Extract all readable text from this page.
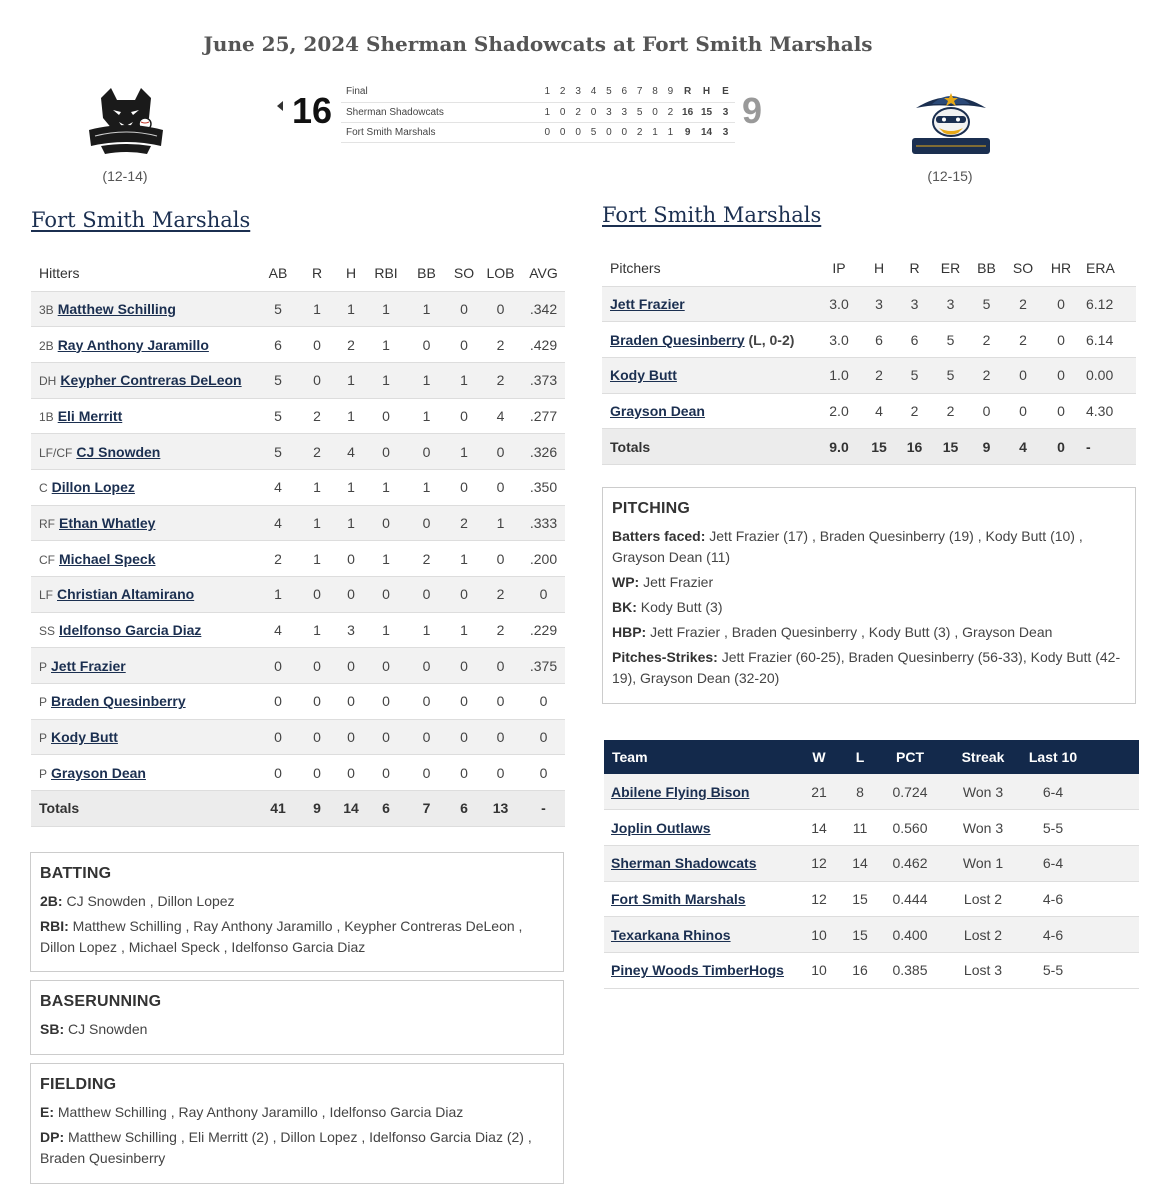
June 25, 2024 Sherman Shadowcats at Fort Smith Marshals
(12-14)
16 Final	1	2	3	4	5	6	7	8	9	R	H	E
Sherman Shadowcats	1	0	2	0	3	3	5	0	2	16	15	3
Fort Smith Marshals	0	0	0	5	0	0	2	1	1	9	14	3
9
(12-15)
Fort Smith Marshals
Hitters	AB	R	H	RBI	BB	SO	LOB	AVG
3B Matthew Schilling	5	1	1	1	1	0	0	.342
2B Ray Anthony Jaramillo	6	0	2	1	0	0	2	.429
DH Keypher Contreras DeLeon	5	0	1	1	1	1	2	.373
1B Eli Merritt	5	2	1	0	1	0	4	.277
LF/CF CJ Snowden	5	2	4	0	0	1	0	.326
C Dillon Lopez	4	1	1	1	1	0	0	.350
RF Ethan Whatley	4	1	1	0	0	2	1	.333
CF Michael Speck	2	1	0	1	2	1	0	.200
LF Christian Altamirano	1	0	0	0	0	0	2	0
SS Idelfonso Garcia Diaz	4	1	3	1	1	1	2	.229
P Jett Frazier	0	0	0	0	0	0	0	.375
P Braden Quesinberry	0	0	0	0	0	0	0	0
P Kody Butt	0	0	0	0	0	0	0	0
P Grayson Dean	0	0	0	0	0	0	0	0
Totals	41	9	14	6	7	6	13	-
BATTING

2B: CJ Snowden , Dillon Lopez

RBI: Matthew Schilling , Ray Anthony Jaramillo , Keypher Contreras DeLeon , Dillon Lopez , Michael Speck , Idelfonso Garcia Diaz

BASERUNNING

SB: CJ Snowden

FIELDING

E: Matthew Schilling , Ray Anthony Jaramillo , Idelfonso Garcia Diaz

DP: Matthew Schilling , Eli Merritt (2) , Dillon Lopez , Idelfonso Garcia Diaz (2) , Braden Quesinberry

Fort Smith Marshals
Pitchers	IP	H	R	ER	BB	SO	HR	ERA
Jett Frazier	3.0	3	3	3	5	2	0	6.12
Braden Quesinberry (L, 0-2)	3.0	6	6	5	2	2	0	6.14
Kody Butt	1.0	2	5	5	2	0	0	0.00
Grayson Dean	2.0	4	2	2	0	0	0	4.30
Totals	9.0	15	16	15	9	4	0	-
PITCHING

Batters faced: Jett Frazier (17) , Braden Quesinberry (19) , Kody Butt (10) , Grayson Dean (11)

WP: Jett Frazier

BK: Kody Butt (3)

HBP: Jett Frazier , Braden Quesinberry , Kody Butt (3) , Grayson Dean

Pitches-Strikes: Jett Frazier (60-25), Braden Quesinberry (56-33), Kody Butt (42-19), Grayson Dean (32-20)

Team	W	L	PCT	Streak	Last 10	
Abilene Flying Bison	21	8	0.724	Won 3	6-4	
Joplin Outlaws	14	11	0.560	Won 3	5-5	
Sherman Shadowcats	12	14	0.462	Won 1	6-4	
Fort Smith Marshals	12	15	0.444	Lost 2	4-6	
Texarkana Rhinos	10	15	0.400	Lost 2	4-6	
Piney Woods TimberHogs	10	16	0.385	Lost 3	5-5	
